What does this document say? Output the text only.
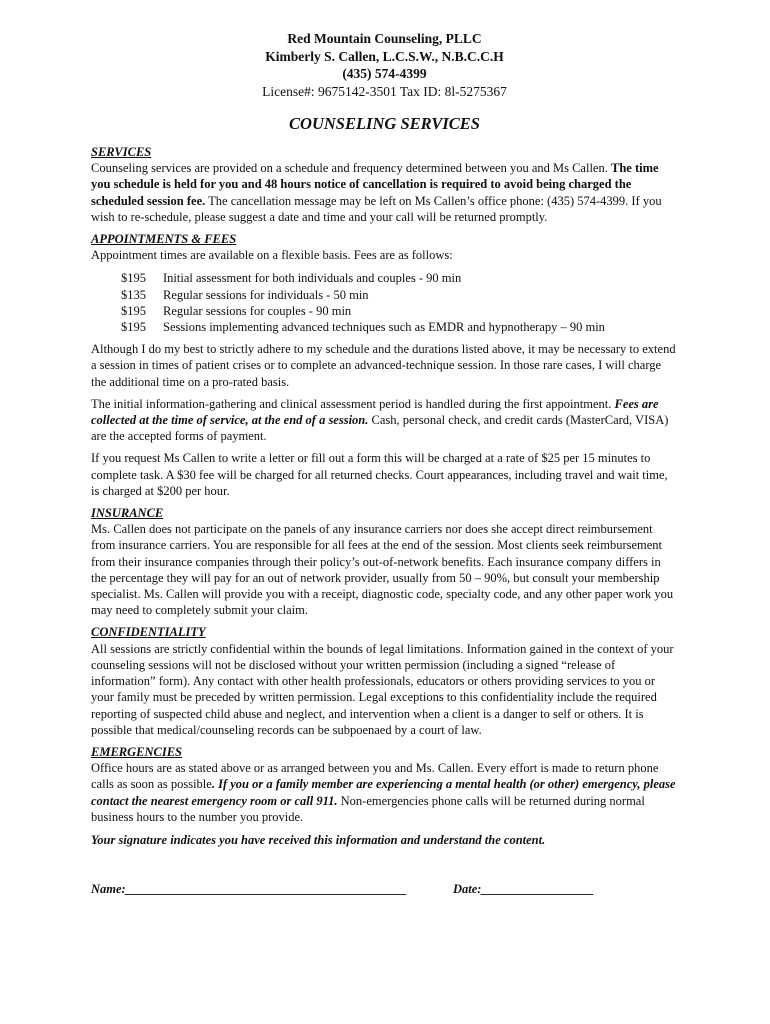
Red Mountain Counseling, PLLC
Kimberly S. Callen, L.C.S.W., N.B.C.C.H
(435) 574-4399
License#: 9675142-3501 Tax ID: 8l-5275367
COUNSELING SERVICES
SERVICES

Counseling services are provided on a schedule and frequency determined between you and Ms Callen. The time you schedule is held for you and 48 hours notice of cancellation is required to avoid being charged the scheduled session fee. The cancellation message may be left on Ms Callen’s office phone: (435) 574-4399. If you wish to re-schedule, please suggest a date and time and your call will be returned promptly.

APPOINTMENTS & FEES

Appointment times are available on a flexible basis. Fees are as follows:

$195	Initial assessment for both individuals and couples - 90 min
$135	Regular sessions for individuals - 50 min
$195	Regular sessions for couples - 90 min
$195	Sessions implementing advanced techniques such as EMDR and hypnotherapy – 90 min

Although I do my best to strictly adhere to my schedule and the durations listed above, it may be necessary to extend a session in times of patient crises or to complete an advanced-technique session. In those rare cases, I will charge the additional time on a pro-rated basis.

The initial information-gathering and clinical assessment period is handled during the first appointment. Fees are collected at the time of service, at the end of a session. Cash, personal check, and credit cards (MasterCard, VISA) are the accepted forms of payment.

If you request Ms Callen to write a letter or fill out a form this will be charged at a rate of $25 per 15 minutes to complete task. A $30 fee will be charged for all returned checks. Court appearances, including travel and wait time, is charged at $200 per hour.

INSURANCE

Ms. Callen does not participate on the panels of any insurance carriers nor does she accept direct reimbursement from insurance carriers. You are responsible for all fees at the end of the session. Most clients seek reimbursement from their insurance companies through their policy’s out-of-network benefits. Each insurance company differs in the percentage they will pay for an out of network provider, usually from 50 – 90%, but consult your membership specialist. Ms. Callen will provide you with a receipt, diagnostic code, specialty code, and any other paper work you may need to completely submit your claim.

CONFIDENTIALITY

All sessions are strictly confidential within the bounds of legal limitations. Information gained in the context of your counseling sessions will not be disclosed without your written permission (including a signed “release of information” form). Any contact with other health professionals, educators or others providing services to you or your family must be preceded by written permission. Legal exceptions to this confidentiality include the required reporting of suspected child abuse and neglect, and intervention when a client is a danger to self or others. It is possible that medical/counseling records can be subpoenaed by a court of law.

EMERGENCIES

Office hours are as stated above or as arranged between you and Ms. Callen. Every effort is made to return phone calls as soon as possible. If you or a family member are experiencing a mental health (or other) emergency, please contact the nearest emergency room or call 911. Non-emergencies phone calls will be returned during normal business hours to the number you provide.

Your signature indicates you have received this information and understand the content.

Name:_____________________________________________	Date:__________________
